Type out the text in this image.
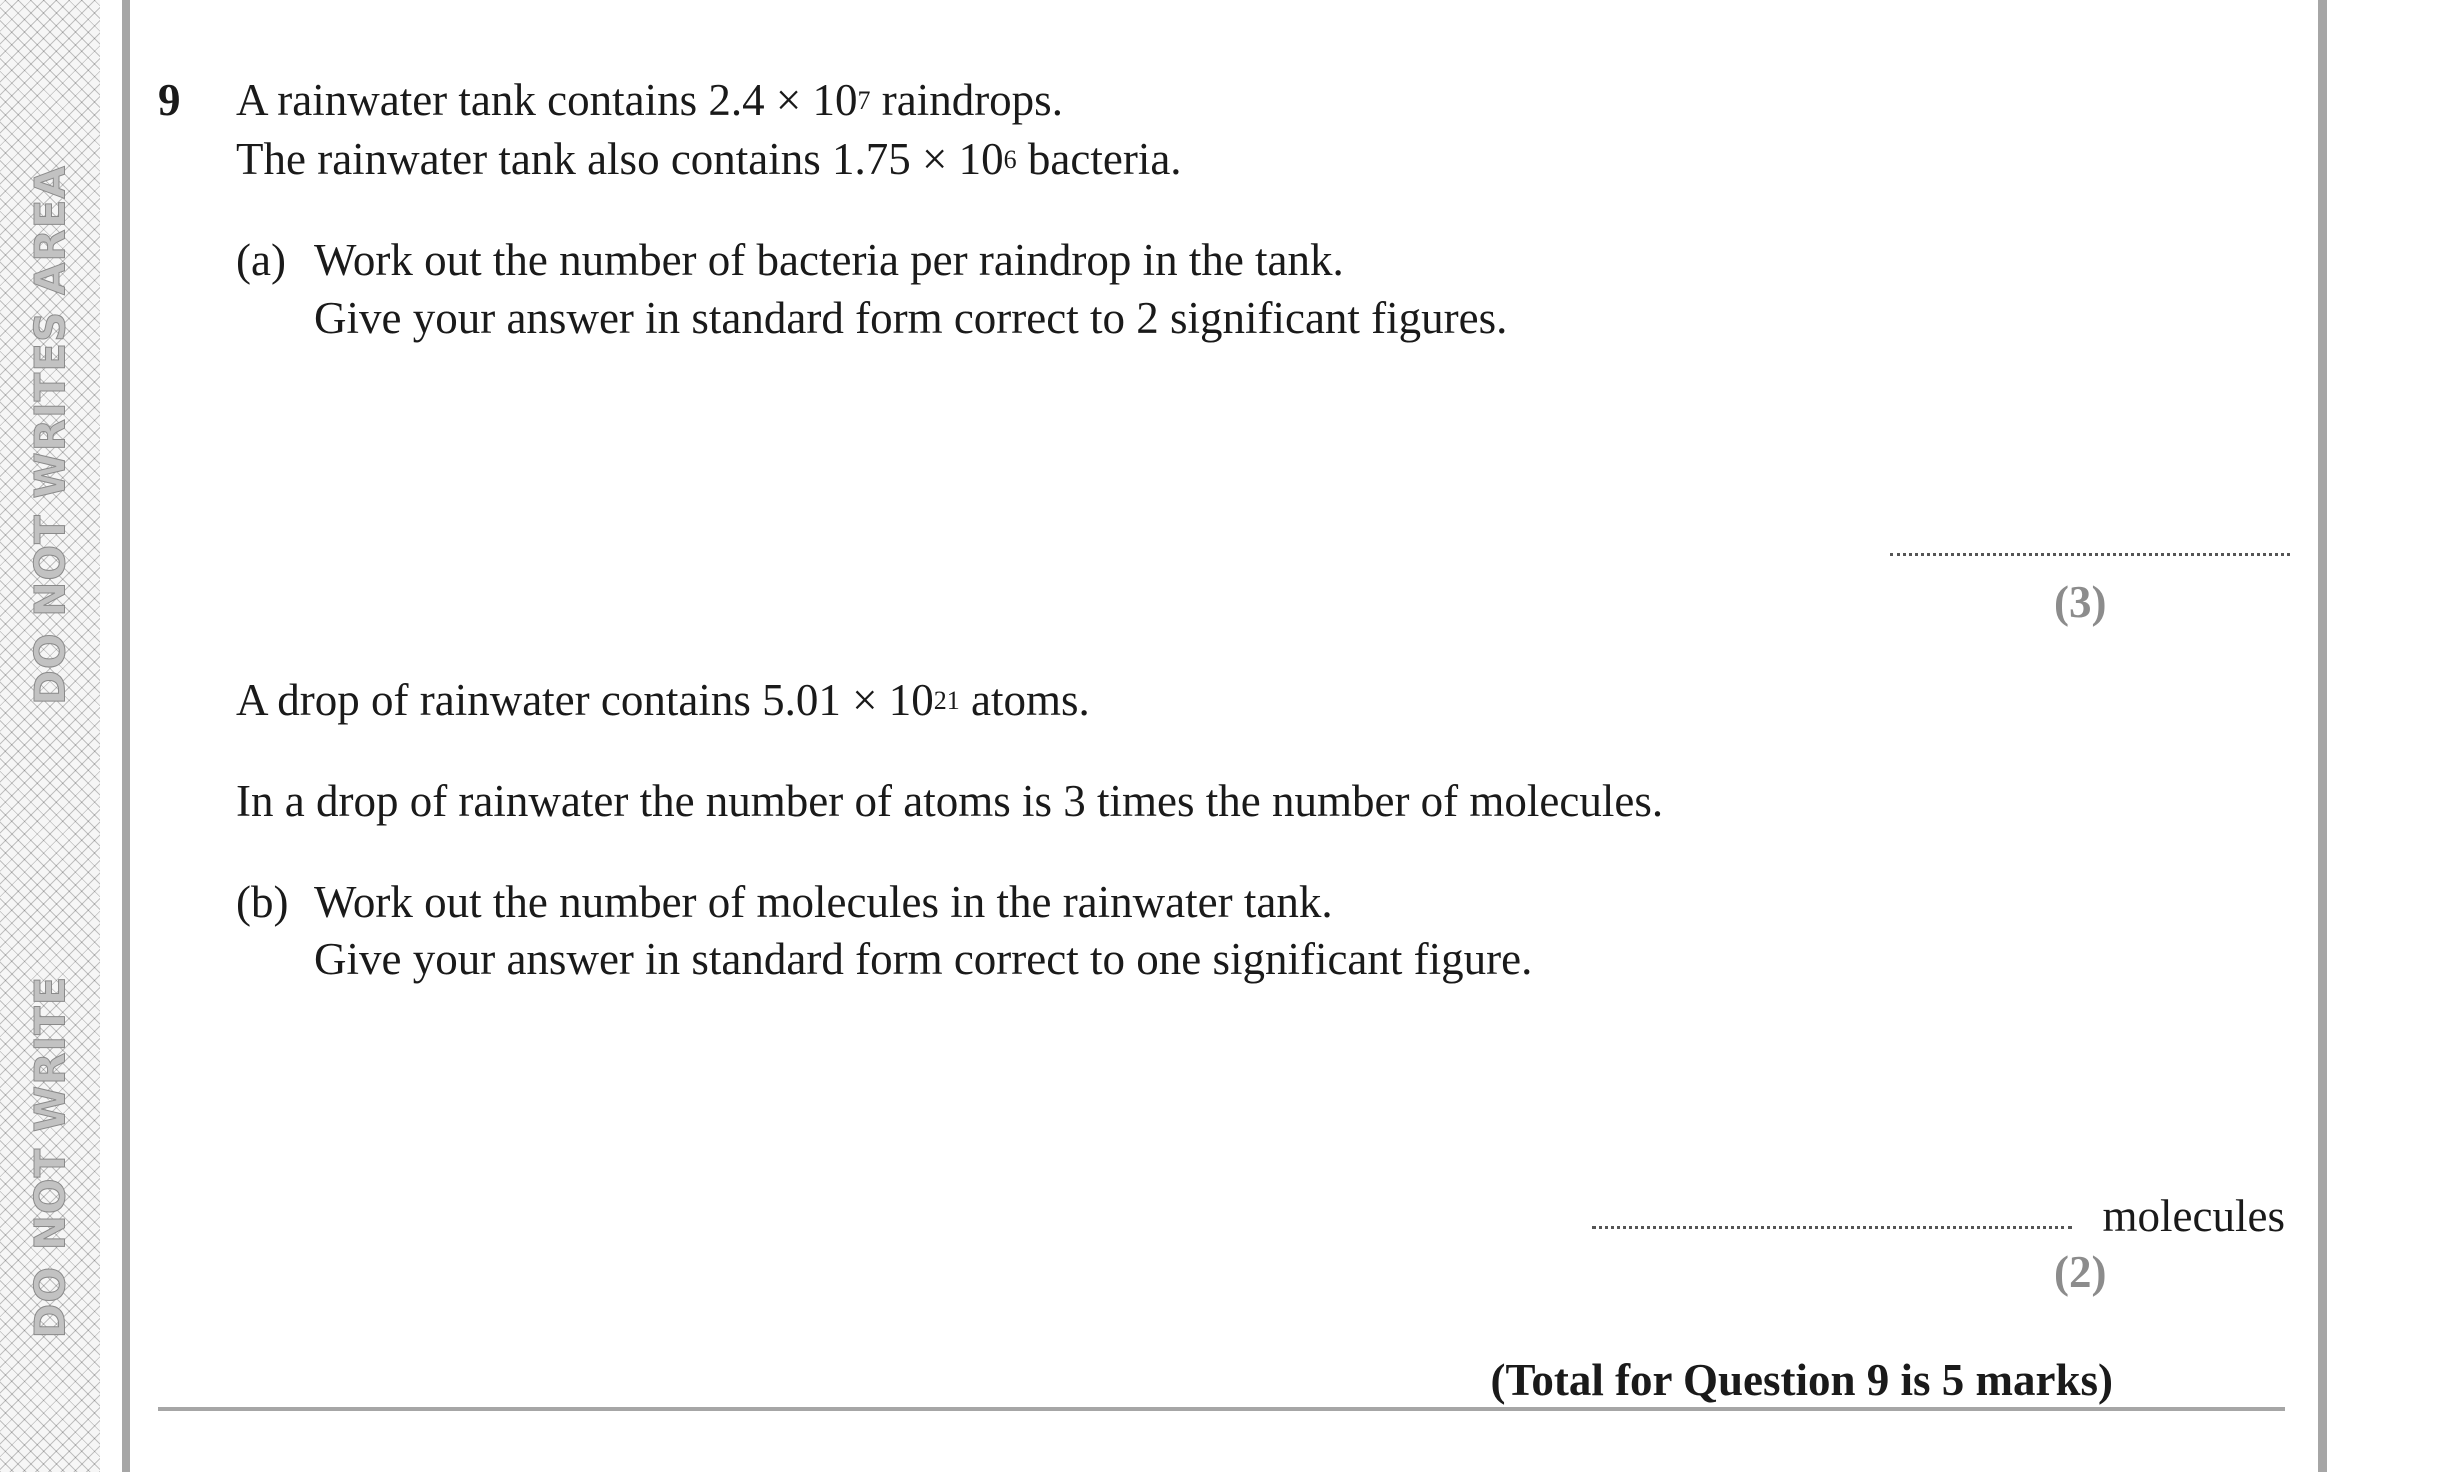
DO NOT WRITES AREA
DO NOT WRITE
9 A rainwater tank contains $2.4 \times 10^7$ raindrops.
The rainwater tank also contains $1.75 \times 10^6$ bacteria.
(a) Work out the number of bacteria per raindrop in the tank.
Give your answer in standard form correct to 2 significant figures.
(3)
A drop of rainwater contains $5.01 \times 10^{21}$ atoms.
In a drop of rainwater the number of atoms is 3 times the number of molecules.
(b) Work out the number of molecules in the rainwater tank.
Give your answer in standard form correct to one significant figure.
molecules
(2)
(Total for Question 9 is 5 marks)
